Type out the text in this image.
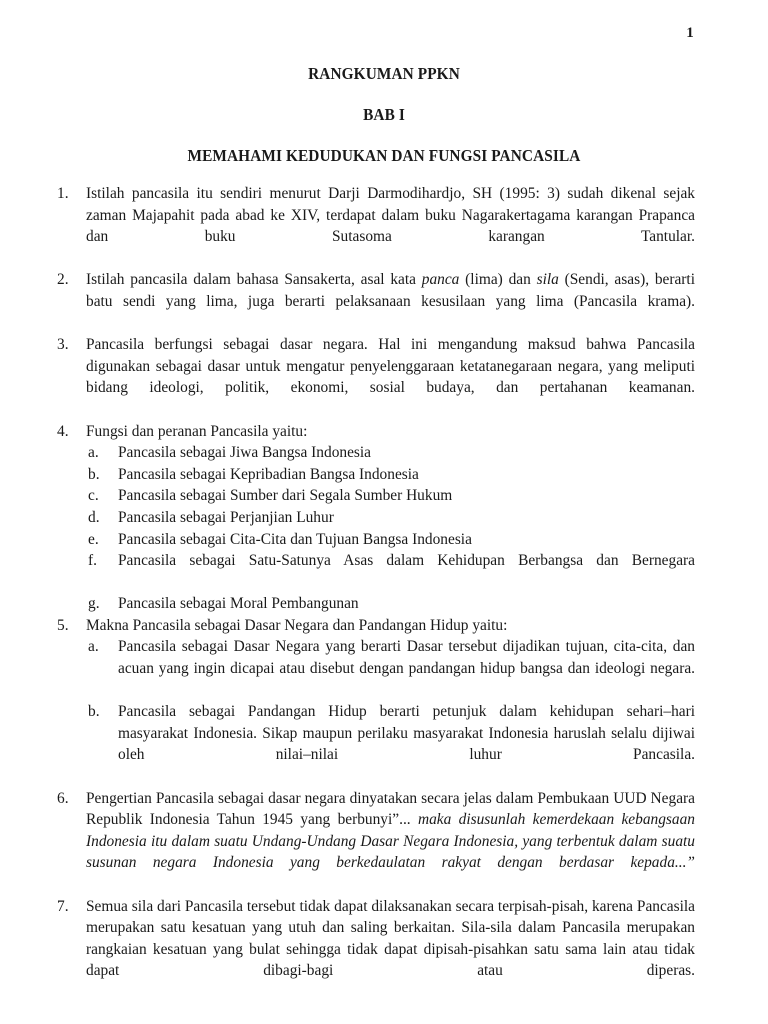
1
RANGKUMAN PPKN
BAB I
MEMAHAMI KEDUDUKAN DAN FUNGSI PANCASILA
1.	Istilah pancasila itu sendiri menurut Darji Darmodihardjo, SH (1995: 3) sudah dikenal sejak zaman Majapahit pada abad ke XIV, terdapat dalam buku Nagarakertagama karangan Prapanca dan buku Sutasoma karangan Tantular.
2.	Istilah pancasila dalam bahasa Sansakerta, asal kata panca (lima) dan sila (Sendi, asas), berarti batu sendi yang lima, juga berarti pelaksanaan kesusilaan yang lima (Pancasila krama).
3.	Pancasila berfungsi sebagai dasar negara. Hal ini mengandung maksud bahwa Pancasila digunakan sebagai dasar untuk mengatur penyelenggaraan ketatanegaraan negara, yang meliputi bidang ideologi, politik, ekonomi, sosial budaya, dan pertahanan keamanan.
4.	Fungsi dan peranan Pancasila yaitu:
a.	Pancasila sebagai Jiwa Bangsa Indonesia
b.	Pancasila sebagai Kepribadian Bangsa Indonesia
c.	Pancasila sebagai Sumber dari Segala Sumber Hukum
d.	Pancasila sebagai Perjanjian Luhur
e.	Pancasila sebagai Cita-Cita dan Tujuan Bangsa Indonesia
f.	Pancasila sebagai Satu-Satunya Asas dalam Kehidupan Berbangsa dan Bernegara
g.	Pancasila sebagai Moral Pembangunan
5.	Makna Pancasila sebagai Dasar Negara dan Pandangan Hidup yaitu:
a.	Pancasila sebagai Dasar Negara yang berarti Dasar tersebut dijadikan tujuan, cita-cita, dan acuan yang ingin dicapai atau disebut dengan pandangan hidup bangsa dan ideologi negara.
b.	Pancasila sebagai Pandangan Hidup berarti petunjuk dalam kehidupan sehari–hari masyarakat Indonesia. Sikap maupun perilaku masyarakat Indonesia haruslah selalu dijiwai oleh nilai–nilai luhur Pancasila.
6.	Pengertian Pancasila sebagai dasar negara dinyatakan secara jelas dalam Pembukaan UUD Negara Republik Indonesia Tahun 1945 yang berbunyi”... maka disusunlah kemerdekaan kebangsaan Indonesia itu dalam suatu Undang-Undang Dasar Negara Indonesia, yang terbentuk dalam suatu susunan negara Indonesia yang berkedaulatan rakyat dengan berdasar kepada...”
7.	Semua sila dari Pancasila tersebut tidak dapat dilaksanakan secara terpisah-pisah, karena Pancasila merupakan satu kesatuan yang utuh dan saling berkaitan. Sila-sila dalam Pancasila merupakan rangkaian kesatuan yang bulat sehingga tidak dapat dipisah-pisahkan satu sama lain atau tidak dapat dibagi-bagi atau diperas.
